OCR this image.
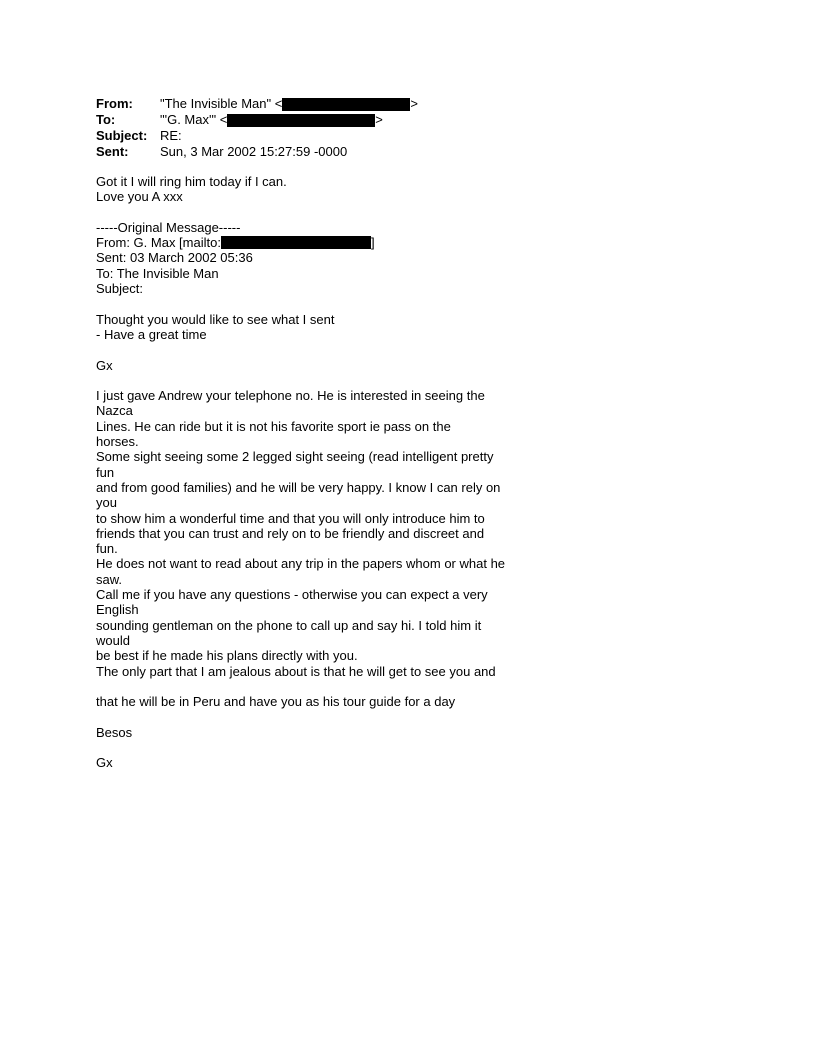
From:	"The Invisible Man" <	>
To:	"'G. Max'" <	>
Subject: RE:
Sent:	Sun, 3 Mar 2002 15:27:59 -0000
Got it I will ring him today if I can.
Love you A xxx
-----Original Message-----
From: G. Max [mailto:	]
Sent: 03 March 2002 05:36
To: The Invisible Man
Subject:
Thought you would like to see what I sent
- Have a great time
Gx
I just gave Andrew your telephone no. He is interested in seeing the
Nazca
Lines. He can ride but it is not his favorite sport ie pass on the
horses.
Some sight seeing some 2 legged sight seeing (read intelligent pretty
fun
and from good families) and he will be very happy. I know I can rely on
you
to show him a wonderful time and that you will only introduce him to
friends that you can trust and rely on to be friendly and discreet and
fun.
He does not want to read about any trip in the papers whom or what he
saw.
Call me if you have any questions - otherwise you can expect a very
English
sounding gentleman on the phone to call up and say hi. I told him it
would
be best if he made his plans directly with you.
The only part that I am jealous about is that he will get to see you and
that he will be in Peru and have you as his tour guide for a day
Besos
Gx
